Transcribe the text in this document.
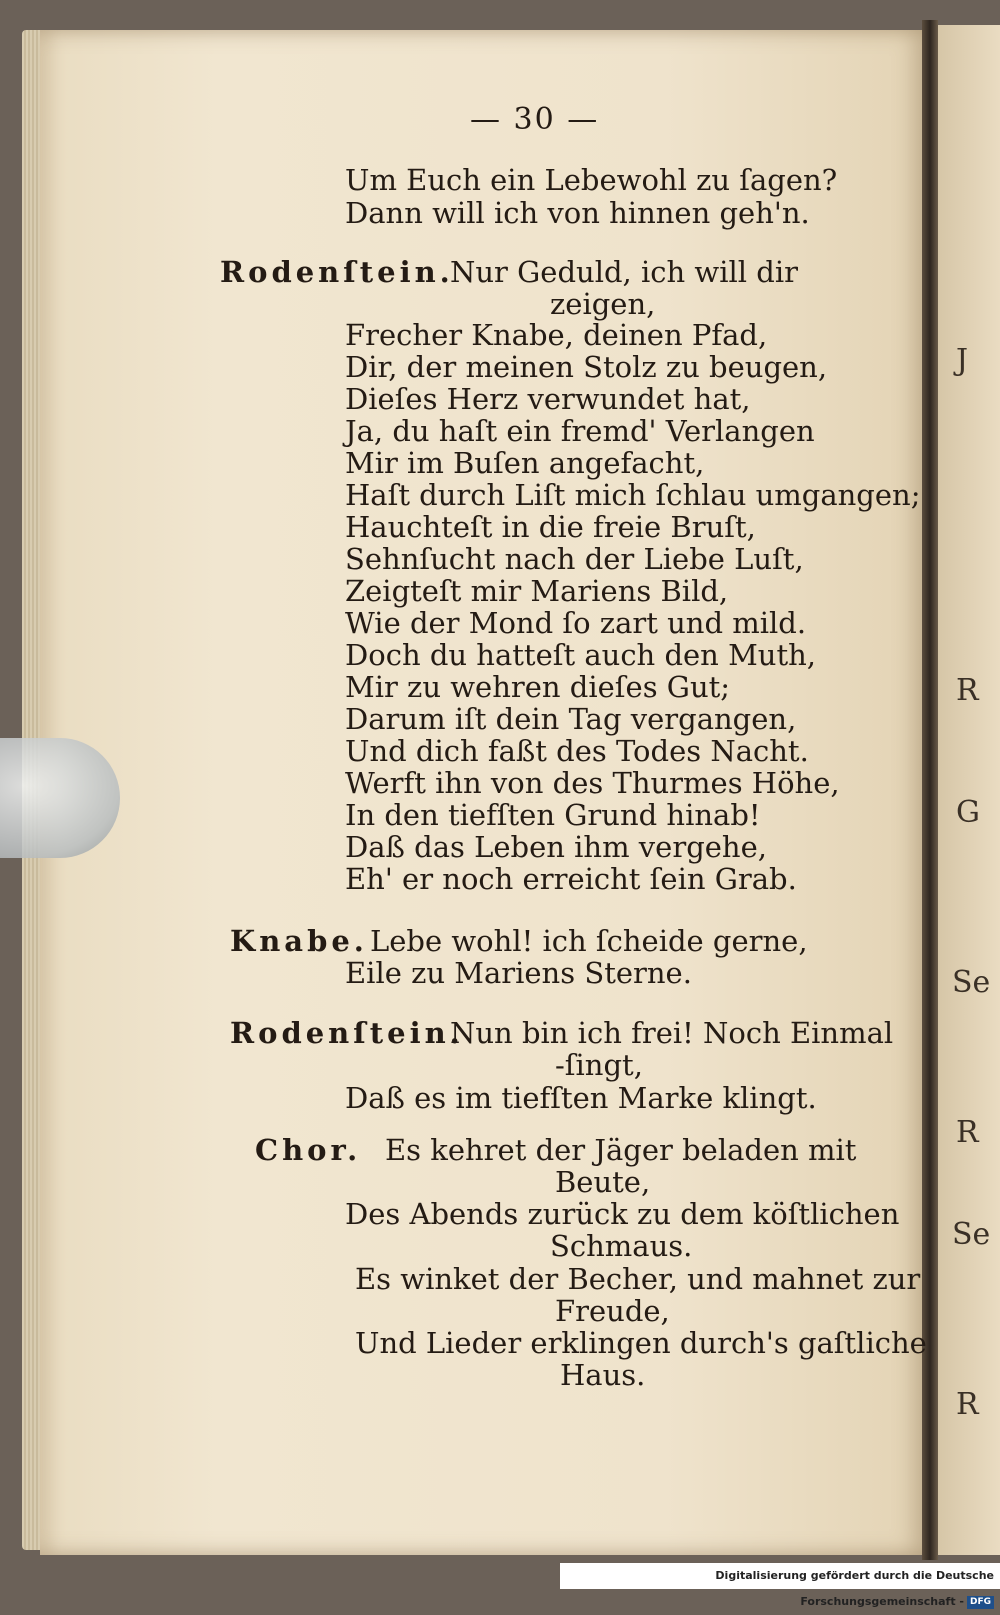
J
R
G
Se
R
Se
R
— 30 —
Um Euch ein Lebewohl zu ſagen?
Dann will ich von hinnen geh'n.
Rodenſtein.
Nur Geduld, ich will dir
zeigen,
Frecher Knabe, deinen Pfad,
Dir, der meinen Stolz zu beugen,
Dieſes Herz verwundet hat,
Ja, du haſt ein fremd' Verlangen
Mir im Buſen angefacht,
Haſt durch Liſt mich ſchlau umgangen;
Hauchteſt in die freie Bruſt,
Sehnſucht nach der Liebe Luſt,
Zeigteſt mir Mariens Bild,
Wie der Mond ſo zart und mild.
Doch du hatteſt auch den Muth,
Mir zu wehren dieſes Gut;
Darum iſt dein Tag vergangen,
Und dich faßt des Todes Nacht.
Werft ihn von des Thurmes Höhe,
In den tiefſten Grund hinab!
Daß das Leben ihm vergehe,
Eh' er noch erreicht ſein Grab.
Knabe. Lebe wohl! ich ſcheide gerne,
Eile zu Mariens Sterne.
Rodenſtein.
Nun bin ich frei! Noch Einmal
-ſingt,
Daß es im tiefſten Marke klingt.
Chor. Es kehret der Jäger beladen mit
Beute,
Des Abends zurück zu dem köſtlichen
Schmaus.
Es winket der Becher, und mahnet zur
Freude,
Und Lieder erklingen durch's gaſtliche
Haus.
Digitalisierung gefördert durch die Deutsche Forschungsgemeinschaft - DFG
